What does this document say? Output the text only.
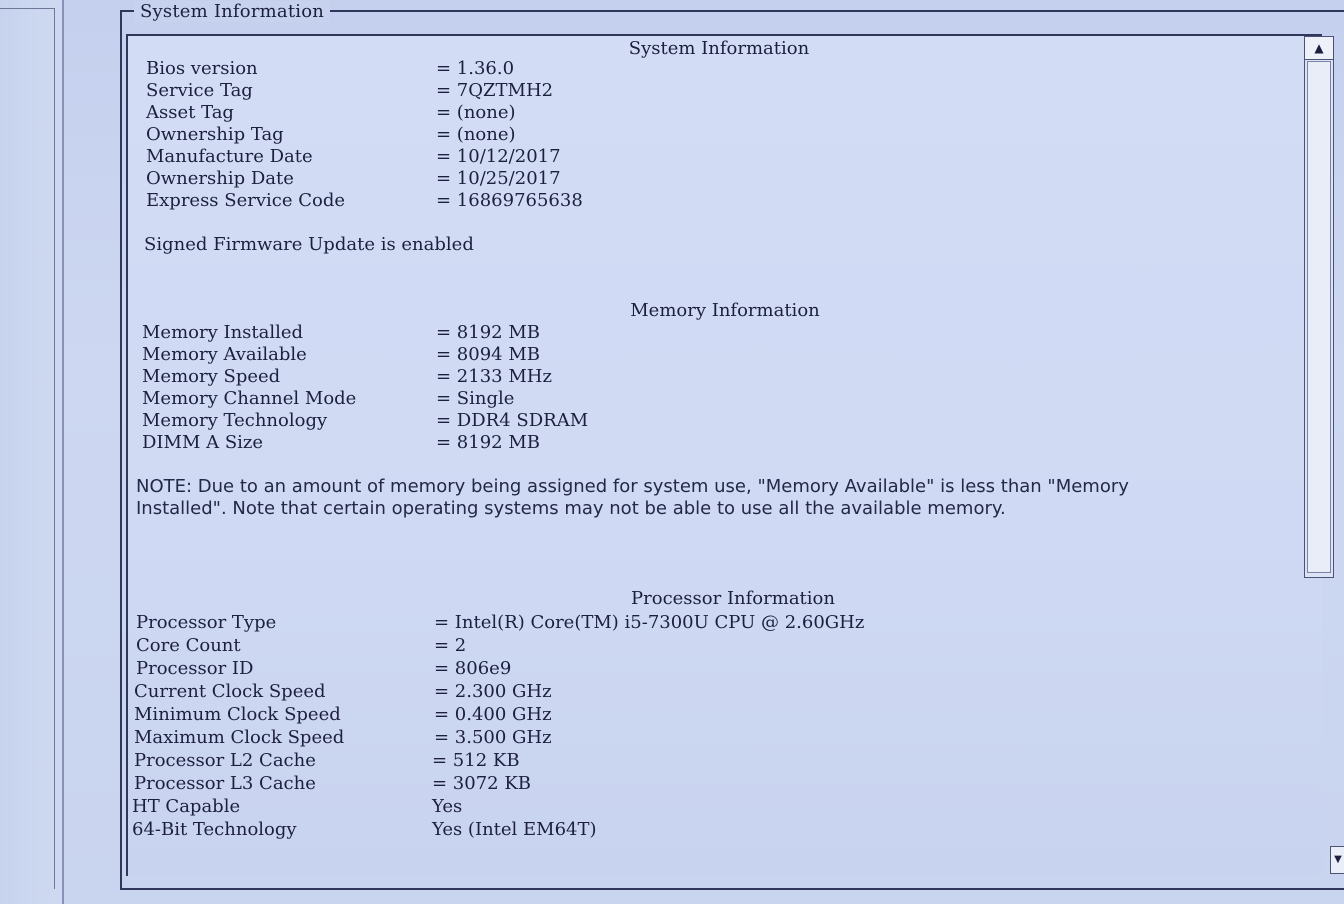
System Information
System Information
Bios version	= 1.36.0
Service Tag	= 7QZTMH2
Asset Tag	= (none)
Ownership Tag	= (none)
Manufacture Date	= 10/12/2017
Ownership Date	= 10/25/2017
Express Service Code	= 16869765638
Signed Firmware Update is enabled
Memory Information
Memory Installed	= 8192 MB
Memory Available	= 8094 MB
Memory Speed	= 2133 MHz
Memory Channel Mode	= Single
Memory Technology	= DDR4 SDRAM
DIMM A Size	= 8192 MB
NOTE: Due to an amount of memory being assigned for system use, "Memory Available" is less than "Memory Installed". Note that certain operating systems may not be able to use all the available memory.
Processor Information
Processor Type	= Intel(R) Core(TM) i5-7300U CPU @ 2.60GHz
Core Count	= 2
Processor ID	= 806e9
Current Clock Speed	= 2.300 GHz
Minimum Clock Speed	= 0.400 GHz
Maximum Clock Speed	= 3.500 GHz
Processor L2 Cache	= 512 KB
Processor L3 Cache	= 3072 KB
HT Capable	Yes
64-Bit Technology	Yes (Intel EM64T)
▲
▼
